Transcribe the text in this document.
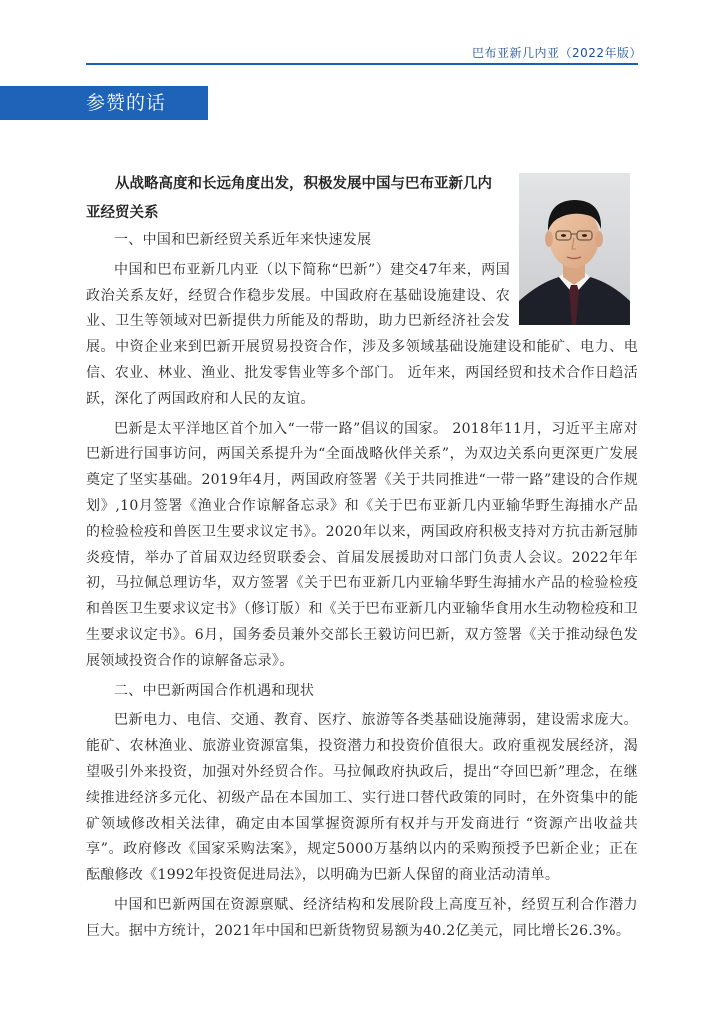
巴布亚新几内亚（2022年版）
参赞的话
从战略高度和长远角度出发，积极发展中国与巴布亚新几内亚经贸关系

一、中国和巴新经贸关系近年来快速发展

中国和巴布亚新几内亚（以下简称“巴新”）建交47年来，两国政治关系友好，经贸合作稳步发展。中国政府在基础设施建设、农业、卫生等领域对巴新提供力所能及的帮助，助力巴新经济社会发展。中资企业来到巴新开展贸易投资合作，涉及多领域基础设施建设和能矿、电力、电信、农业、林业、渔业、批发零售业等多个部门。 近年来，两国经贸和技术合作日趋活跃，深化了两国政府和人民的友谊。

巴新是太平洋地区首个加入“一带一路”倡议的国家。 2018年11月，习近平主席对巴新进行国事访问，两国关系提升为“全面战略伙伴关系”，为双边关系向更深更广发展奠定了坚实基础。2019年4月，两国政府签署《关于共同推进“一带一路”建设的合作规划》,10月签署《渔业合作谅解备忘录》和《关于巴布亚新几内亚输华野生海捕水产品的检验检疫和兽医卫生要求议定书》。2020年以来，两国政府积极支持对方抗击新冠肺炎疫情，举办了首届双边经贸联委会、首届发展援助对口部门负责人会议。2022年年初，马拉佩总理访华，双方签署《关于巴布亚新几内亚输华野生海捕水产品的检验检疫和兽医卫生要求议定书》（修订版）和《关于巴布亚新几内亚输华食用水生动物检疫和卫生要求议定书》。6月，国务委员兼外交部长王毅访问巴新，双方签署《关于推动绿色发展领域投资合作的谅解备忘录》。

二、中巴新两国合作机遇和现状

巴新电力、电信、交通、教育、医疗、旅游等各类基础设施薄弱，建设需求庞大。能矿、农林渔业、旅游业资源富集，投资潜力和投资价值很大。政府重视发展经济，渴望吸引外来投资，加强对外经贸合作。马拉佩政府执政后，提出“夺回巴新”理念，在继续推进经济多元化、初级产品在本国加工、实行进口替代政策的同时，在外资集中的能矿领域修改相关法律，确定由本国掌握资源所有权并与开发商进行 “资源产出收益共享”。政府修改《国家采购法案》，规定5000万基纳以内的采购预授予巴新企业；正在酝酿修改《1992年投资促进局法》，以明确为巴新人保留的商业活动清单。

中国和巴新两国在资源禀赋、经济结构和发展阶段上高度互补，经贸互利合作潜力巨大。据中方统计，2021年中国和巴新货物贸易额为40.2亿美元，同比增长26.3%。
